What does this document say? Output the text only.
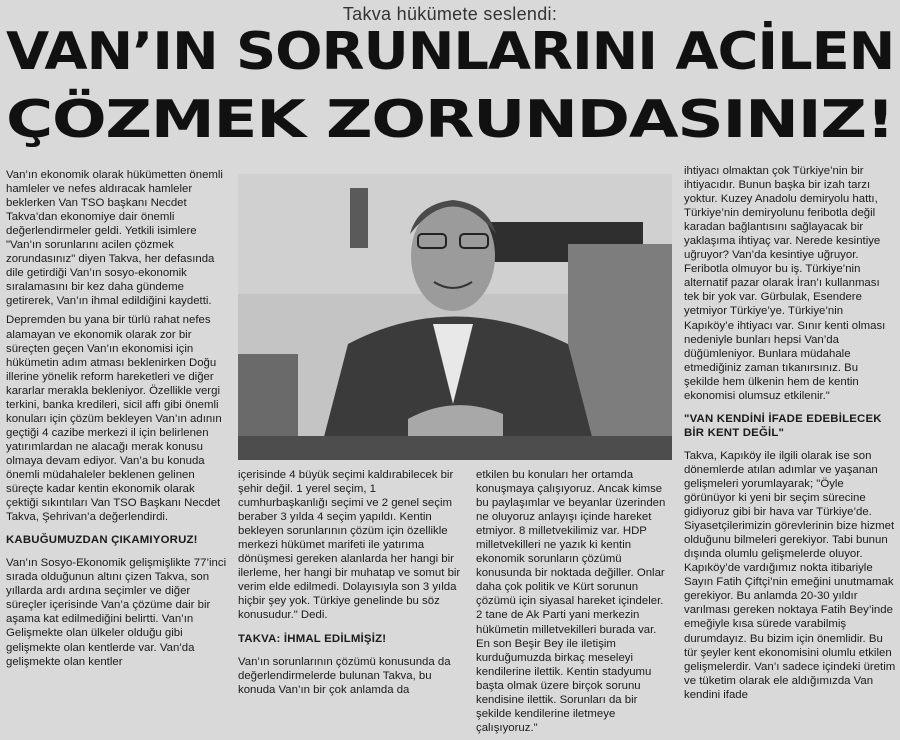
Takva hükümete seslendi:
VAN’IN SORUNLARINI ACİLEN
ÇÖZMEK ZORUNDASINIZ!

Van’ın ekonomik olarak hükümetten önemli hamleler ve nefes aldıracak hamleler beklerken Van TSO başkanı Necdet Takva’dan ekonomiye dair önemli değerlendirmeler geldi. Yetkili isimlere "Van’ın sorunlarını acilen çözmek zorundasınız" diyen Takva, her defasında dile getirdiği Van’ın sosyo-ekonomik sıralamasını bir kez daha gündeme getirerek, Van’ın ihmal edildiğini kaydetti.

Depremden bu yana bir türlü rahat nefes alamayan ve ekonomik olarak zor bir süreçten geçen Van’ın ekonomisi için hükümetin adım atması beklenirken Doğu illerine yönelik reform hareketleri ve diğer kararlar merakla bekleniyor. Özellikle vergi terkini, banka kredileri, sicil affı gibi önemli konuları için çözüm bekleyen Van’ın adının geçtiği 4 cazibe merkezi il için belirlenen yatırımlardan ne alacağı merak konusu olmaya devam ediyor. Van’a bu konuda önemli müdahaleler beklenen gelinen süreçte kadar kentin ekonomik olarak çektiği sıkıntıları Van TSO Başkanı Necdet Takva, Şehrivan’a değerlendirdi.

KABUĞUMUZDAN ÇIKAMIYORUZ!

Van’ın Sosyo-Ekonomik gelişmişlikte 77’inci sırada olduğunun altını çizen Takva, son yıllarda ardı ardına seçimler ve diğer süreçler içerisinde Van’a çözüme dair bir aşama kat edilmediğini belirtti. Van’ın Gelişmekte olan ülkeler olduğu gibi gelişmekte olan kentlerde var. Van’da gelişmekte olan kentler

içerisinde 4 büyük seçimi kaldırabilecek bir şehir değil. 1 yerel seçim, 1 cumhurbaşkanlığı seçimi ve 2 genel seçim beraber 3 yılda 4 seçim yapıldı. Kentin bekleyen sorunlarının çözüm için özellikle merkezi hükümet marifeti ile yatırıma dönüşmesi gereken alanlarda her hangi bir ilerleme, her hangi bir muhatap ve somut bir verim elde edilmedi. Dolayısıyla son 3 yılda hiçbir şey yok. Türkiye genelinde bu söz konusudur." Dedi.

TAKVA: İHMAL EDİLMİŞİZ!

Van’ın sorunlarının çözümü konusunda da değerlendirmelerde bulunan Takva, bu konuda Van’ın bir çok anlamda da

etkilen bu konuları her ortamda konuşmaya çalışıyoruz. Ancak kimse bu paylaşımlar ve beyanlar üzerinden ne oluyoruz anlayışı içinde hareket etmiyor. 8 milletvekilimiz var. HDP milletvekilleri ne yazık ki kentin ekonomik sorunların çözümü konusunda bir noktada değiller. Onlar daha çok politik ve Kürt sorunun çözümü için siyasal hareket içindeler. 2 tane de Ak Parti yani merkezin hükümetin milletvekilleri burada var. En son Beşir Bey ile iletişim kurduğumuzda birkaç meseleyi kendilerine ilettik. Kentin stadyumu başta olmak üzere birçok sorunu kendisine ilettik. Sorunları da bir şekilde kendilerine iletmeye çalışıyoruz."

ihtiyacı olmaktan çok Türkiye’nin bir ihtiyacıdır. Bunun başka bir izah tarzı yoktur. Kuzey Anadolu demiryolu hattı, Türkiye’nin demiryolunu feribotla değil karadan bağlantısını sağlayacak bir yaklaşıma ihtiyaç var. Nerede kesintiye uğruyor? Van’da kesintiye uğruyor. Feribotla olmuyor bu iş. Türkiye’nin alternatif pazar olarak İran’ı kullanması tek bir yok var. Gürbulak, Esendere yetmiyor Türkiye’ye. Türkiye’nin Kapıköy’e ihtiyacı var. Sınır kenti olması nedeniyle bunları hepsi Van’da düğümleniyor. Bunlara müdahale etmediğiniz zaman tıkanırsınız. Bu şekilde hem ülkenin hem de kentin ekonomisi olumsuz etkilenir."

"VAN KENDİNİ İFADE EDEBİLECEK BİR KENT DEĞİL"

Takva, Kapıköy ile ilgili olarak ise son dönemlerde atılan adımlar ve yaşanan gelişmeleri yorumlayarak; "Öyle görünüyor ki yeni bir seçim sürecine gidiyoruz gibi bir hava var Türkiye’de. Siyasetçilerimizin görevlerinin bize hizmet olduğunu bilmeleri gerekiyor. Tabi bunun dışında olumlu gelişmelerde oluyor. Kapıköy’de vardığımız nokta itibariyle Sayın Fatih Çiftçi’nin emeğini unutmamak gerekiyor. Bu anlamda 20-30 yıldır varılması gereken noktaya Fatih Bey’inde emeğiyle kısa sürede varabilmiş durumdayız. Bu bizim için önemlidir. Bu tür şeyler kent ekonomisini olumlu etkilen gelişmelerdir. Van’ı sadece içindeki üretim ve tüketim olarak ele aldığımızda Van kendini ifade
